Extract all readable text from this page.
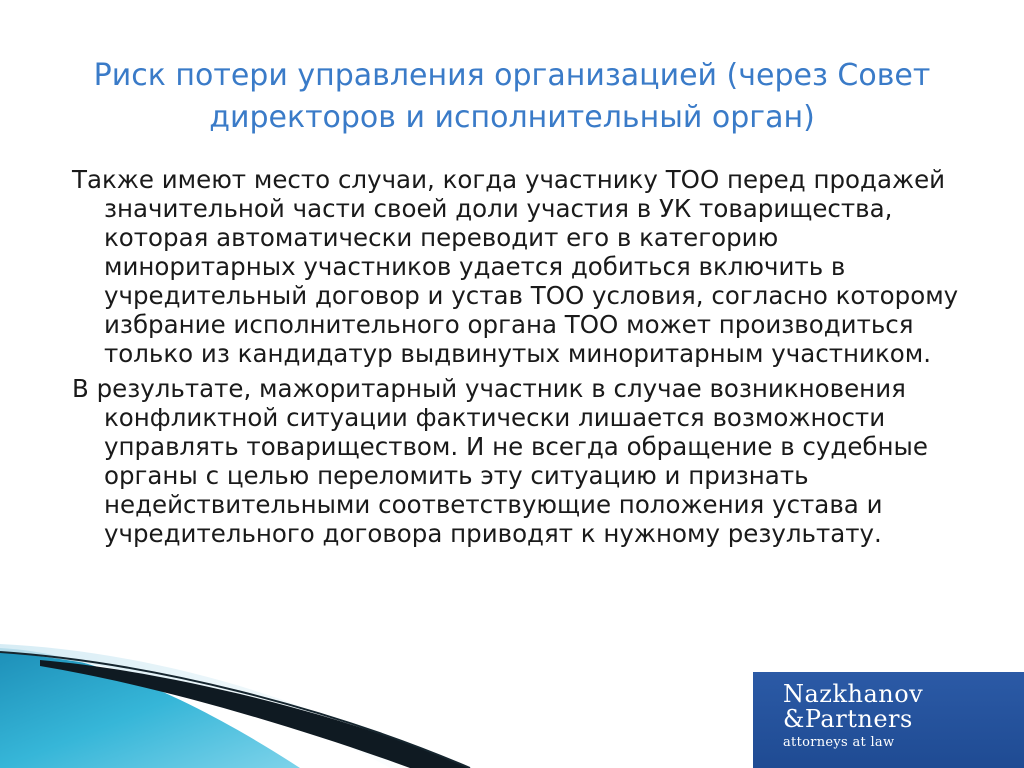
Риск потери управления организацией (через Совет директоров и исполнительный орган)

Также имеют место случаи, когда участнику ТОО перед продажей значительной части своей доли участия в УК товарищества, которая автоматически переводит его в категорию миноритарных участников удается добиться включить в учредительный договор и устав ТОО условия, согласно которому избрание исполнительного органа ТОО может производиться только из кандидатур выдвинутых миноритарным участником.

В результате, мажоритарный участник в случае возникновения конфликтной ситуации фактически лишается возможности управлять товариществом. И не всегда обращение в судебные органы с целью переломить эту ситуацию и признать недействительными соответствующие положения устава и учредительного договора приводят к нужному результату.

Nazkhanov
&Partners
attorneys at law
